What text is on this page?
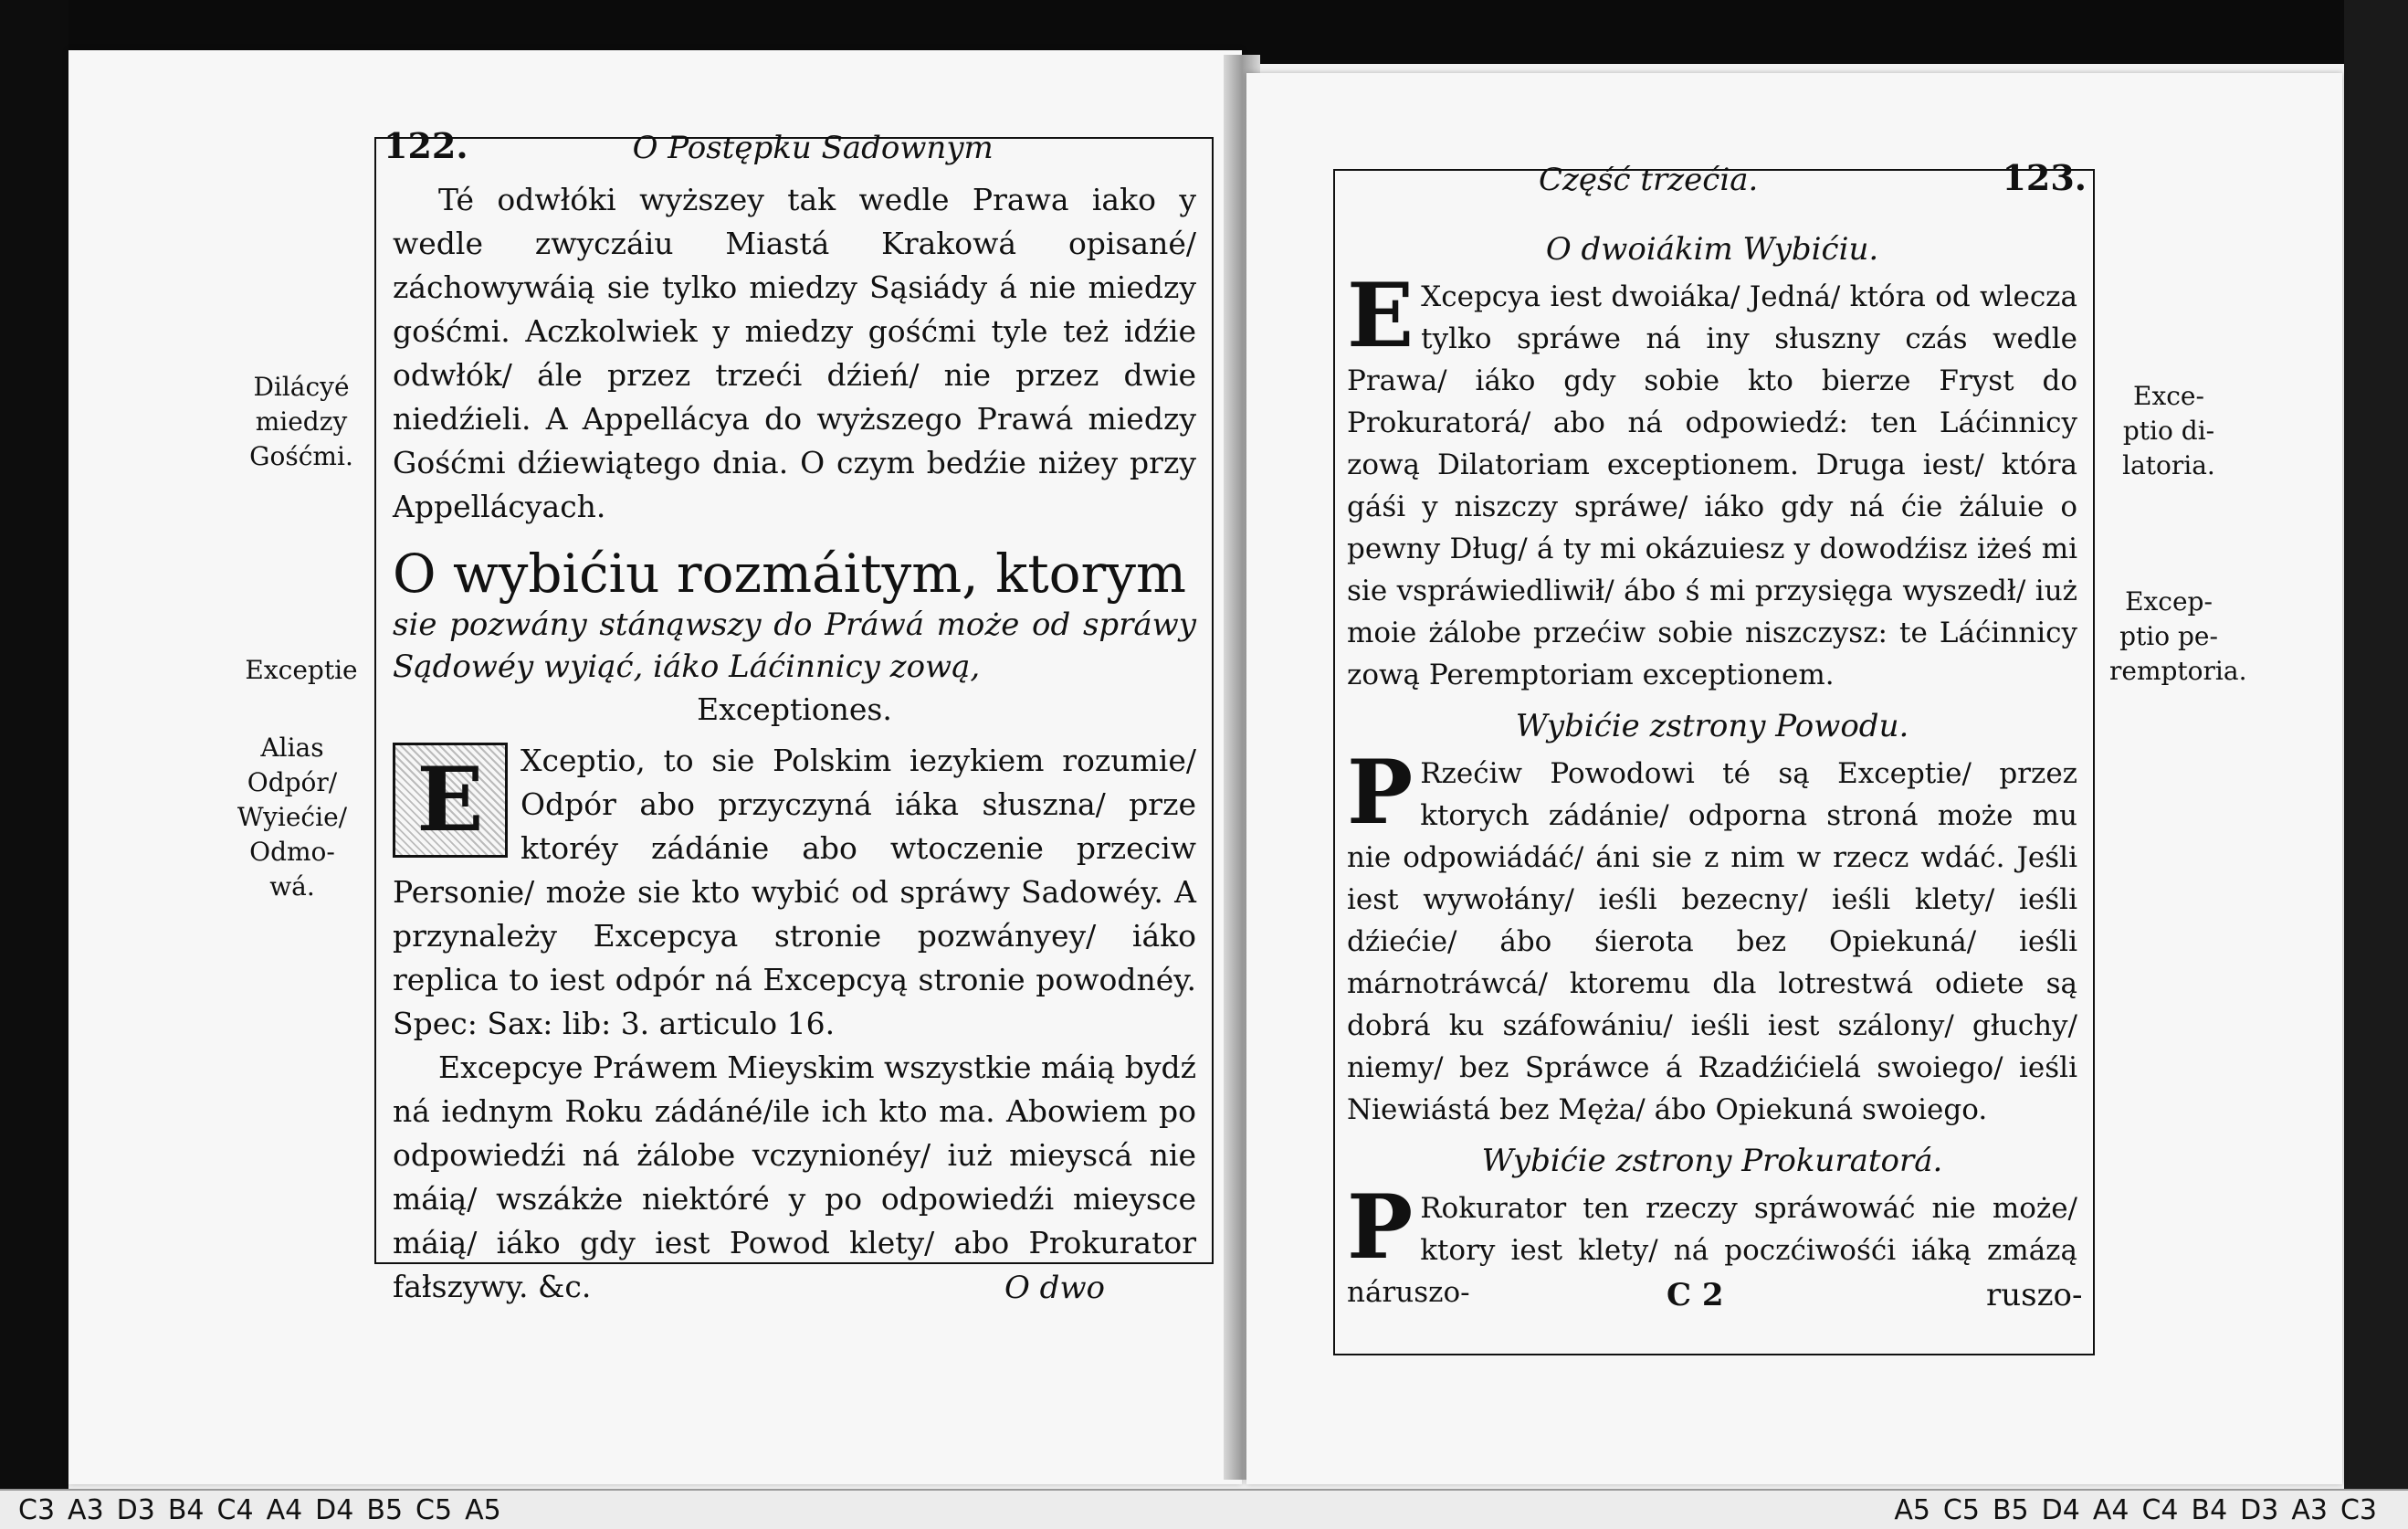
122.	O Postępku Sadownym

Té odwłóki wyższey tak wedle Prawa iako y wedle zwyczáiu Miastá Krakowá opisané/ záchowywáią sie tylko miedzy Sąsiády á nie miedzy gośćmi. Aczkolwiek y miedzy gośćmi tyle też idźie odwłók/ ále przez trzeći dźień/ nie przez dwie niedźieli. A Appellácya do wyższego Prawá miedzy Gośćmi dźiewiątego dnia. O czym bedźie niżey przy Appellácyach.

O wybićiu rozmáitym, ktorym

sie pozwány stánąwszy do Práwá może od spráwy Sądowéy wyiąć, iáko Láćinnicy zową,

Exceptiones.

E	Xceptio, to sie Polskim iezykiem rozumie/ Odpór abo przyczyná iáka słuszna/ prze ktoréy zádánie abo wtoczenie przeciw Personie/ może sie kto wybić od spráwy Sadowéy. A przynależy Excepcya stronie pozwányey/ iáko replica to iest odpór ná Excepcyą stronie powodnéy. Spec: Sax: lib: 3. articulo 16.

Excepcye Práwem Mieyskim wszystkie máią bydź ná iednym Roku zádáné/ile ich kto ma. Abowiem po odpowiedźi ná żálobe vczynionéy/ iuż mieyscá nie máią/ wszákże niektóré y po odpowiedźi mieysce máią/ iáko gdy iest Powod klety/ abo Prokurator fałszywy. &c.	O dwo
Dilácyé
miedzy
Gośćmi.
Exceptie
Alias
Odpór/
Wyiećie/
Odmo-
wá.
Część trzećia.	123.
O dwoiákim Wybićiu.
E Xcepcya iest dwoiáka/ Jedná/ która od wlecza tylko spráwe ná iny słuszny czás wedle Prawa/ iáko gdy sobie kto bierze Fryst do Prokuratorá/ abo ná odpowiedź: ten Láćinnicy zową Dilatoriam exceptionem. Druga iest/ która gáśi y niszczy spráwe/ iáko gdy ná ćie żáluie o pewny Dług/ á ty mi okázuiesz y dowodźisz iżeś mi sie vspráwiedliwił/ ábo ś mi przysięga wyszedł/ iuż moie żálobe przećiw sobie niszczysz: te Láćinnicy zową Peremptoriam exceptionem.

Wybićie zstrony Powodu.
P Rzećiw Powodowi té są Exceptie/ przez ktorych zádánie/ odporna stroná może mu nie odpowiádáć/ áni sie z nim w rzecz wdáć. Jeśli iest wywołány/ ieśli bezecny/ ieśli klety/ ieśli dźiećie/ ábo śierota bez Opiekuná/ ieśli márnotráwcá/ ktoremu dla lotrestwá odiete są dobrá ku száfowániu/ ieśli iest szálony/ głuchy/ niemy/ bez Spráwce á Rzadźićielá swoiego/ ieśli Niewiástá bez Męża/ ábo Opiekuná swoiego.

Wybićie zstrony Prokuratorá.
P Rokurator ten rzeczy spráwowáć nie może/ ktory iest klety/ ná poczćiwośći iáką zmázą náruszo-	C 2	ruszo-
Exce-
ptio di-
latoria.
Excep-
ptio pe-
remptoria.
C3 A3 D3 B4 C4 A4 D4 B5 C5 A5	A5 C5 B5 D4 A4 C4 B4 D3 A3 C3
